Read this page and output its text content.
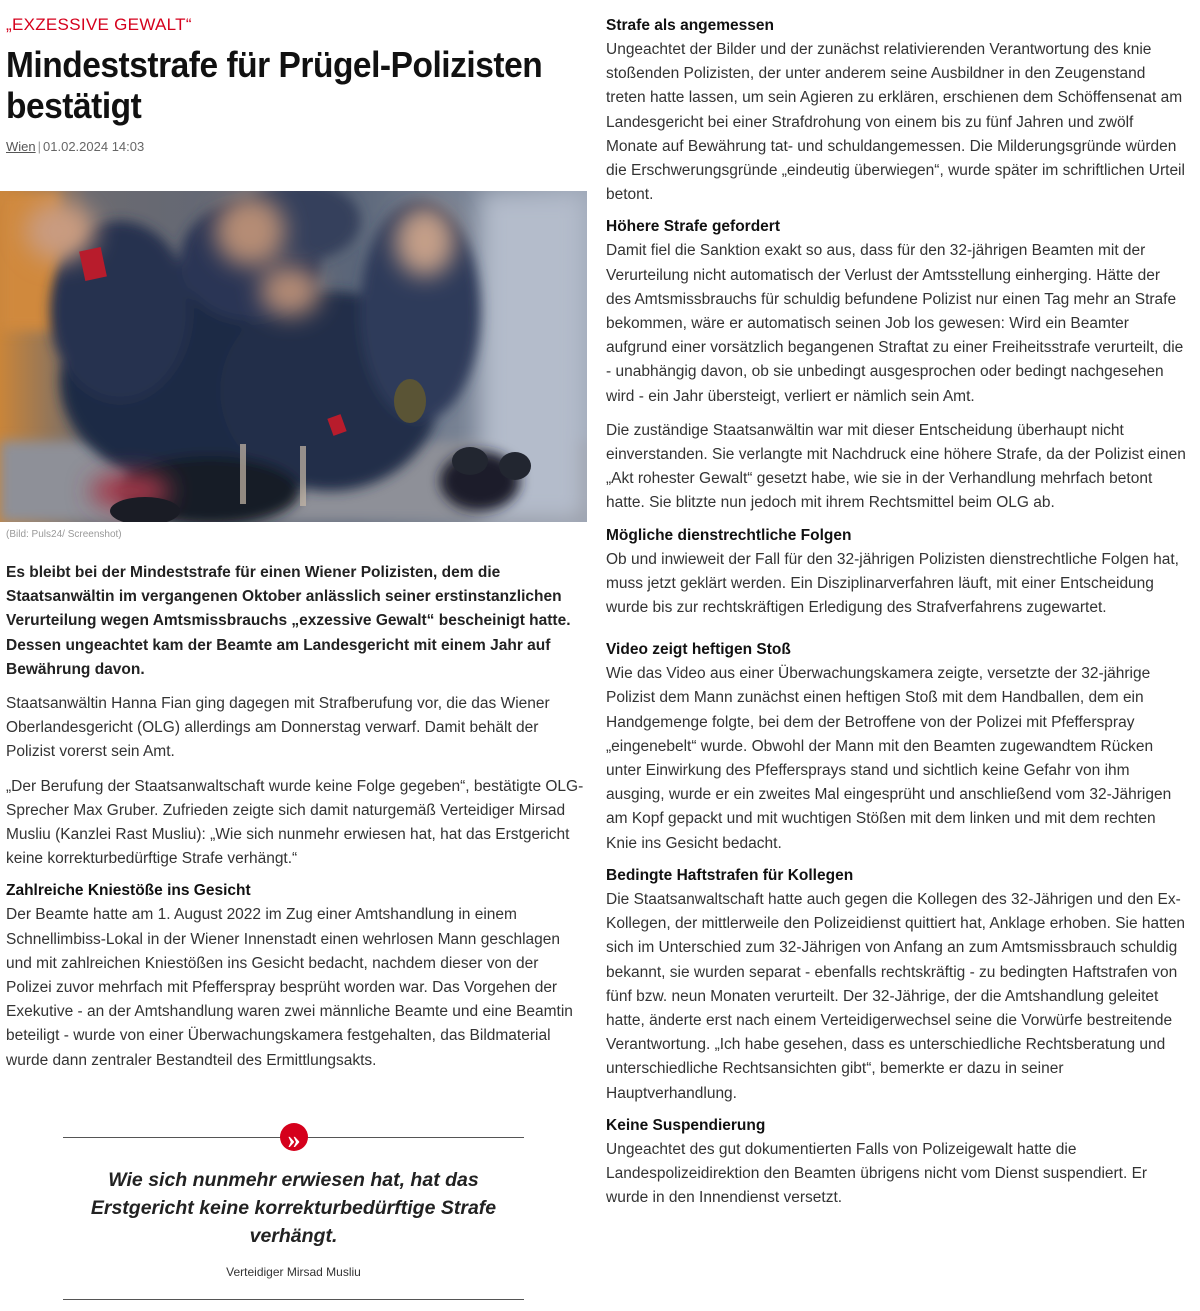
„EXZESSIVE GEWALT“
Mindeststrafe für Prügel-Polizisten bestätigt
Wien | 01.02.2024 14:03
(Bild: Puls24/ Screenshot)

Es bleibt bei der Mindeststrafe für einen Wiener Polizisten, dem die Staatsanwältin im vergangenen Oktober anlässlich seiner erstinstanzlichen Verurteilung wegen Amtsmissbrauchs „exzessive Gewalt“ bescheinigt hatte. Dessen ungeachtet kam der Beamte am Landesgericht mit einem Jahr auf Bewährung davon.

Staatsanwältin Hanna Fian ging dagegen mit Strafberufung vor, die das Wiener Oberlandesgericht (OLG) allerdings am Donnerstag verwarf. Damit behält der Polizist vorerst sein Amt.

„Der Berufung der Staatsanwaltschaft wurde keine Folge gegeben“, bestätigte OLG-Sprecher Max Gruber. Zufrieden zeigte sich damit naturgemäß Verteidiger Mirsad Musliu (Kanzlei Rast Musliu): „Wie sich nunmehr erwiesen hat, hat das Erstgericht keine korrekturbedürftige Strafe verhängt.“

Zahlreiche Kniestöße ins Gesicht

Der Beamte hatte am 1. August 2022 im Zug einer Amtshandlung in einem Schnellimbiss-Lokal in der Wiener Innenstadt einen wehrlosen Mann geschlagen und mit zahlreichen Kniestößen ins Gesicht bedacht, nachdem dieser von der Polizei zuvor mehrfach mit Pfefferspray besprüht worden war. Das Vorgehen der Exekutive - an der Amtshandlung waren zwei männliche Beamte und eine Beamtin beteiligt - wurde von einer Überwachungskamera festgehalten, das Bildmaterial wurde dann zentraler Bestandteil des Ermittlungsakts.

»
Wie sich nunmehr erwiesen hat, hat das Erstgericht keine korrekturbedürftige Strafe verhängt.
Verteidiger Mirsad Musliu
Strafe als angemessen

Ungeachtet der Bilder und der zunächst relativierenden Verantwortung des knie stoßenden Polizisten, der unter anderem seine Ausbildner in den Zeugenstand treten hatte lassen, um sein Agieren zu erklären, erschienen dem Schöffensenat am Landesgericht bei einer Strafdrohung von einem bis zu fünf Jahren und zwölf Monate auf Bewährung tat- und schuldangemessen. Die Milderungsgründe würden die Erschwerungsgründe „eindeutig überwiegen“, wurde später im schriftlichen Urteil betont.

Höhere Strafe gefordert

Damit fiel die Sanktion exakt so aus, dass für den 32-jährigen Beamten mit der Verurteilung nicht automatisch der Verlust der Amtsstellung einherging. Hätte der des Amtsmissbrauchs für schuldig befundene Polizist nur einen Tag mehr an Strafe bekommen, wäre er automatisch seinen Job los gewesen: Wird ein Beamter aufgrund einer vorsätzlich begangenen Straftat zu einer Freiheitsstrafe verurteilt, die - unabhängig davon, ob sie unbedingt ausgesprochen oder bedingt nachgesehen wird - ein Jahr übersteigt, verliert er nämlich sein Amt.

Die zuständige Staatsanwältin war mit dieser Entscheidung überhaupt nicht einverstanden. Sie verlangte mit Nachdruck eine höhere Strafe, da der Polizist einen „Akt rohester Gewalt“ gesetzt habe, wie sie in der Verhandlung mehrfach betont hatte. Sie blitzte nun jedoch mit ihrem Rechtsmittel beim OLG ab.

Mögliche dienstrechtliche Folgen

Ob und inwieweit der Fall für den 32-jährigen Polizisten dienstrechtliche Folgen hat, muss jetzt geklärt werden. Ein Disziplinarverfahren läuft, mit einer Entscheidung wurde bis zur rechtskräftigen Erledigung des Strafverfahrens zugewartet.

Video zeigt heftigen Stoß

Wie das Video aus einer Überwachungskamera zeigte, versetzte der 32-jährige Polizist dem Mann zunächst einen heftigen Stoß mit dem Handballen, dem ein Handgemenge folgte, bei dem der Betroffene von der Polizei mit Pfefferspray „eingenebelt“ wurde. Obwohl der Mann mit den Beamten zugewandtem Rücken unter Einwirkung des Pfeffersprays stand und sichtlich keine Gefahr von ihm ausging, wurde er ein zweites Mal eingesprüht und anschließend vom 32-Jährigen am Kopf gepackt und mit wuchtigen Stößen mit dem linken und mit dem rechten Knie ins Gesicht bedacht.

Bedingte Haftstrafen für Kollegen

Die Staatsanwaltschaft hatte auch gegen die Kollegen des 32-Jährigen und den Ex-Kollegen, der mittlerweile den Polizeidienst quittiert hat, Anklage erhoben. Sie hatten sich im Unterschied zum 32-Jährigen von Anfang an zum Amtsmissbrauch schuldig bekannt, sie wurden separat - ebenfalls rechtskräftig - zu bedingten Haftstrafen von fünf bzw. neun Monaten verurteilt. Der 32-Jährige, der die Amtshandlung geleitet hatte, änderte erst nach einem Verteidigerwechsel seine die Vorwürfe bestreitende Verantwortung. „Ich habe gesehen, dass es unterschiedliche Rechtsberatung und unterschiedliche Rechtsansichten gibt“, bemerkte er dazu in seiner Hauptverhandlung.

Keine Suspendierung

Ungeachtet des gut dokumentierten Falls von Polizeigewalt hatte die Landespolizeidirektion den Beamten übrigens nicht vom Dienst suspendiert. Er wurde in den Innendienst versetzt.
